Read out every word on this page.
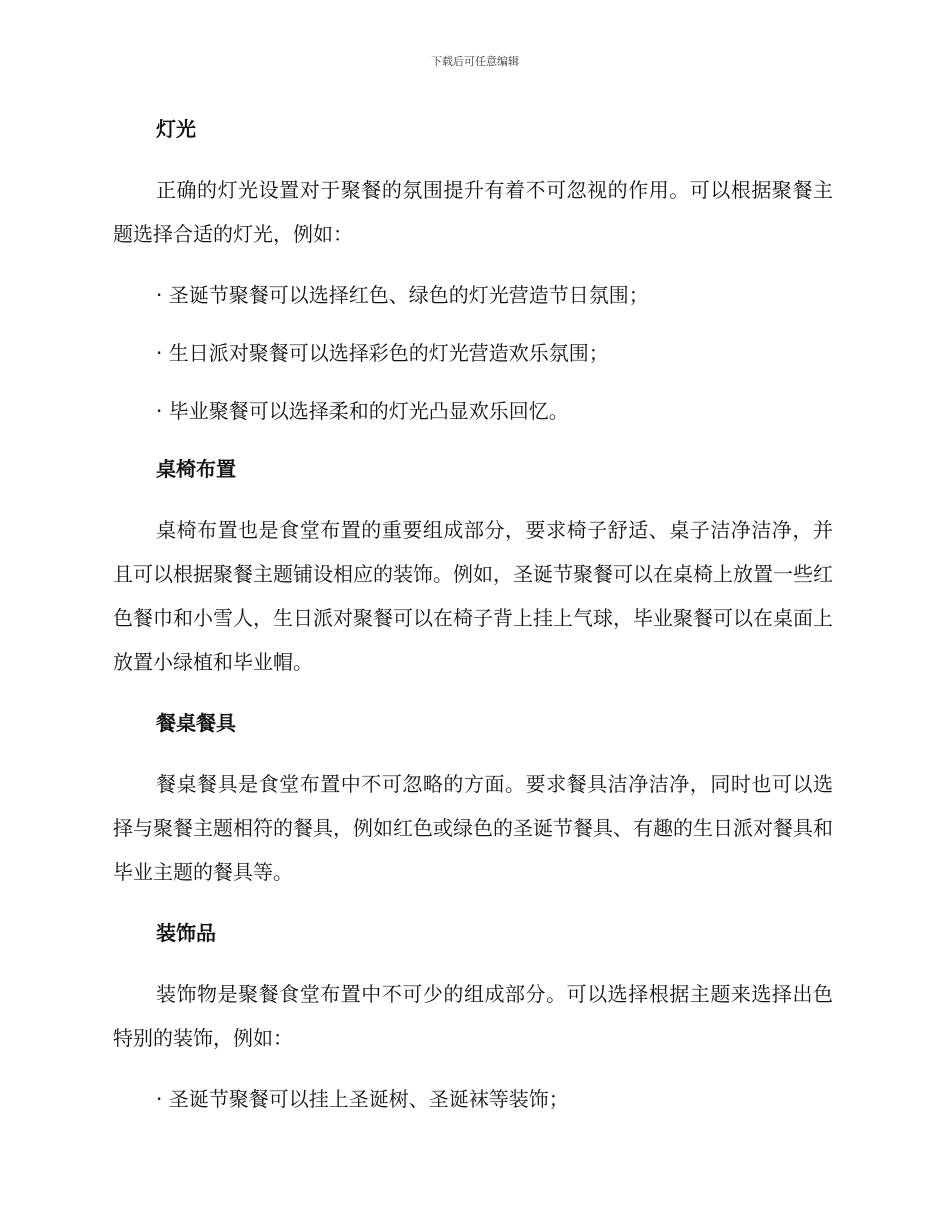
下载后可任意编辑
灯光

正确的灯光设置对于聚餐的氛围提升有着不可忽视的作用。可以根据聚餐主题选择合适的灯光，例如：

· 圣诞节聚餐可以选择红色、绿色的灯光营造节日氛围；

· 生日派对聚餐可以选择彩色的灯光营造欢乐氛围；

· 毕业聚餐可以选择柔和的灯光凸显欢乐回忆。

桌椅布置

桌椅布置也是食堂布置的重要组成部分，要求椅子舒适、桌子洁净洁净，并且可以根据聚餐主题铺设相应的装饰。例如，圣诞节聚餐可以在桌椅上放置一些红色餐巾和小雪人，生日派对聚餐可以在椅子背上挂上气球，毕业聚餐可以在桌面上放置小绿植和毕业帽。

餐桌餐具

餐桌餐具是食堂布置中不可忽略的方面。要求餐具洁净洁净，同时也可以选择与聚餐主题相符的餐具，例如红色或绿色的圣诞节餐具、有趣的生日派对餐具和毕业主题的餐具等。

装饰品

装饰物是聚餐食堂布置中不可少的组成部分。可以选择根据主题来选择出色特别的装饰，例如：

· 圣诞节聚餐可以挂上圣诞树、圣诞袜等装饰；
